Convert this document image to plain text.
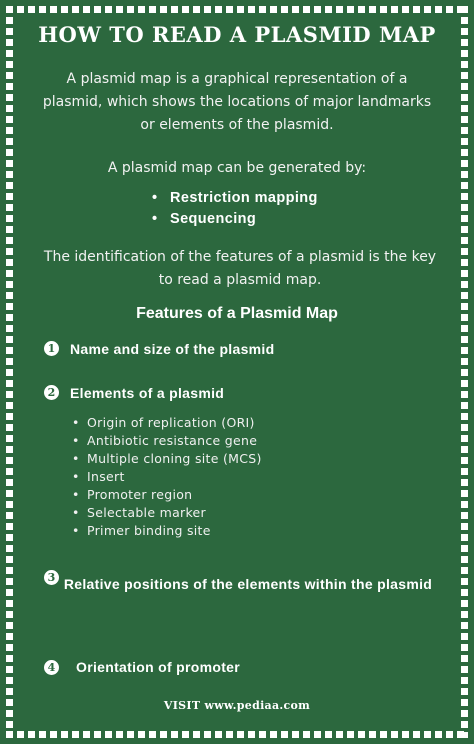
HOW TO READ A PLASMID MAP

A plasmid map is a graphical representation of a plasmid, which shows the locations of major landmarks or elements of the plasmid.

A plasmid map can be generated by:

• Restriction mapping
• Sequencing

The identification of the features of a plasmid is the key to read a plasmid map.

Features of a Plasmid Map
1 Name and size of the plasmid
2 Elements of a plasmid
• Origin of replication (ORI)
• Antibiotic resistance gene
• Multiple cloning site (MCS)
• Insert
• Promoter region
• Selectable marker
• Primer binding site
3 Relative positions of the elements within the plasmid
4 Orientation of promoter
VISIT www.pediaa.com
